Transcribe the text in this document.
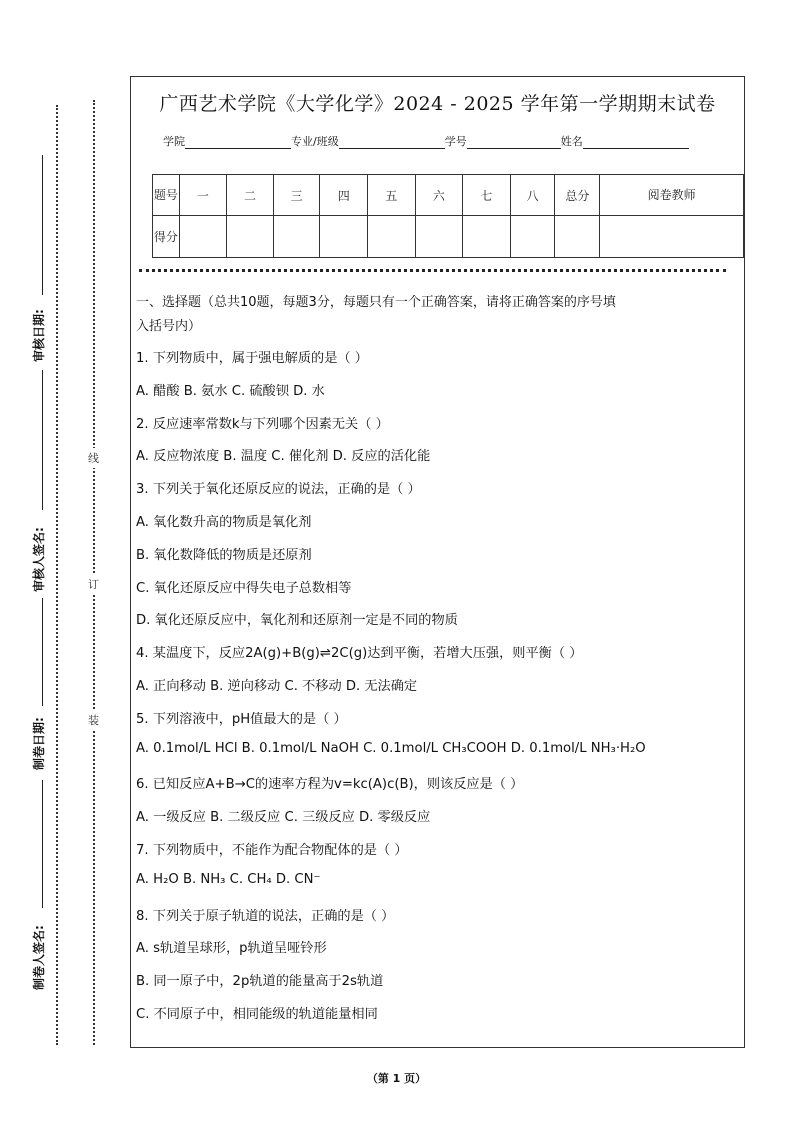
审核日期:
审核人签名:
制卷日期:
制卷人签名:
线
订
装
广西艺术学院《大学化学》2024 - 2025 学年第一学期期末试卷
学院	专业/班级	学号	姓名
题号	一	二	三	四	五	六	七	八	总分	阅卷教师
得分										
一、选择题（总共10题，每题3分，每题只有一个正确答案，请将正确答案的序号填
入括号内）
1. 下列物质中，属于强电解质的是（ ）
A. 醋酸 B. 氨水 C. 硫酸钡 D. 水
2. 反应速率常数k与下列哪个因素无关（ ）
A. 反应物浓度 B. 温度 C. 催化剂 D. 反应的活化能
3. 下列关于氧化还原反应的说法，正确的是（ ）
A. 氧化数升高的物质是氧化剂
B. 氧化数降低的物质是还原剂
C. 氧化还原反应中得失电子总数相等
D. 氧化还原反应中，氧化剂和还原剂一定是不同的物质
4. 某温度下，反应2A(g)+B(g)⇌2C(g)达到平衡，若增大压强，则平衡（ ）
A. 正向移动 B. 逆向移动 C. 不移动 D. 无法确定
5. 下列溶液中，pH值最大的是（ ）
A. 0.1mol/L HCl B. 0.1mol/L NaOH C. 0.1mol/L CH₃COOH D. 0.1mol/L NH₃·H₂O
6. 已知反应A+B→C的速率方程为v=kc(A)c(B)，则该反应是（ ）
A. 一级反应 B. 二级反应 C. 三级反应 D. 零级反应
7. 下列物质中，不能作为配合物配体的是（ ）
A. H₂O B. NH₃ C. CH₄ D. CN⁻
8. 下列关于原子轨道的说法，正确的是（ ）
A. s轨道呈球形，p轨道呈哑铃形
B. 同一原子中，2p轨道的能量高于2s轨道
C. 不同原子中，相同能级的轨道能量相同
（第 1 页）
